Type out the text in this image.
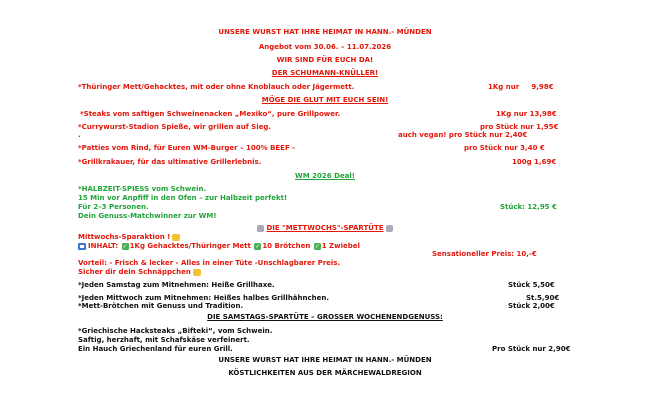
UNSERE WURST HAT IHRE HEIMAT IN HANN.- MÜNDEN
Angebot vom 30.06. – 11.07.2026
WIR SIND FÜR EUCH DA!
DER SCHUMANN-KNÜLLER!
*Thüringer Mett/Gehacktes, mit oder ohne Knoblauch oder Jägermett.	1Kg nur     9,98€
MÖGE DIE GLUT MIT EUCH SEIN!
*Steaks vom saftigen Schweinenacken „Mexiko“, pure Grillpower.	1Kg nur 13,98€
*Currywurst-Stadion Spieße, wir grillen auf Sieg.	pro Stück nur 1,95€
.	auch vegan! pro Stück nur 2,40€
*Patties vom Rind, für Euren WM-Burger – 100% BEEF -	pro Stück nur 3,40 €
*Grillkrakauer, für das ultimative Grillerlebnis.	100g 1,69€
WM 2026 Deal!
*HALBZEIT-SPIESS vom Schwein.
15 Min vor Anpfiff in den Ofen – zur Halbzeit perfekt!
Für 2–3 Personen.	Stück: 12,95 €
Dein Genuss-Matchwinner zur WM!
DIE "METTWOCHS"-SPARTÜTE
Mittwochs-Sparaktion !
INHALT: ✓ 1Kg Gehacktes/Thüringer Mett ✓ 10 Brötchen ✓ 1 Zwiebel
Sensationeller Preis: 10,-€
Vorteil: - Frisch & lecker - Alles in einer Tüte -Unschlagbarer Preis.
Sicher dir dein Schnäppchen
*Jeden Samstag zum Mitnehmen: Heiße Grillhaxe.	Stück 5,50€
*Jeden Mittwoch zum Mitnehmen: Heißes halbes Grillhähnchen.	St.5,90€
*Mett-Brötchen mit Genuss und Tradition.	Stück 2,00€
DIE SAMSTAGS-SPARTÜTE – GROSSER WOCHENENDGENUSS:
*Griechische Hacksteaks „Bifteki“, vom Schwein.
Saftig, herzhaft, mit Schafskäse verfeinert.
Ein Hauch Griechenland für euren Grill.	Pro Stück nur 2,90€
UNSERE WURST HAT IHRE HEIMAT IN HANN.- MÜNDEN
KÖSTLICHKEITEN AUS DER MÄRCHEWALDREGION
